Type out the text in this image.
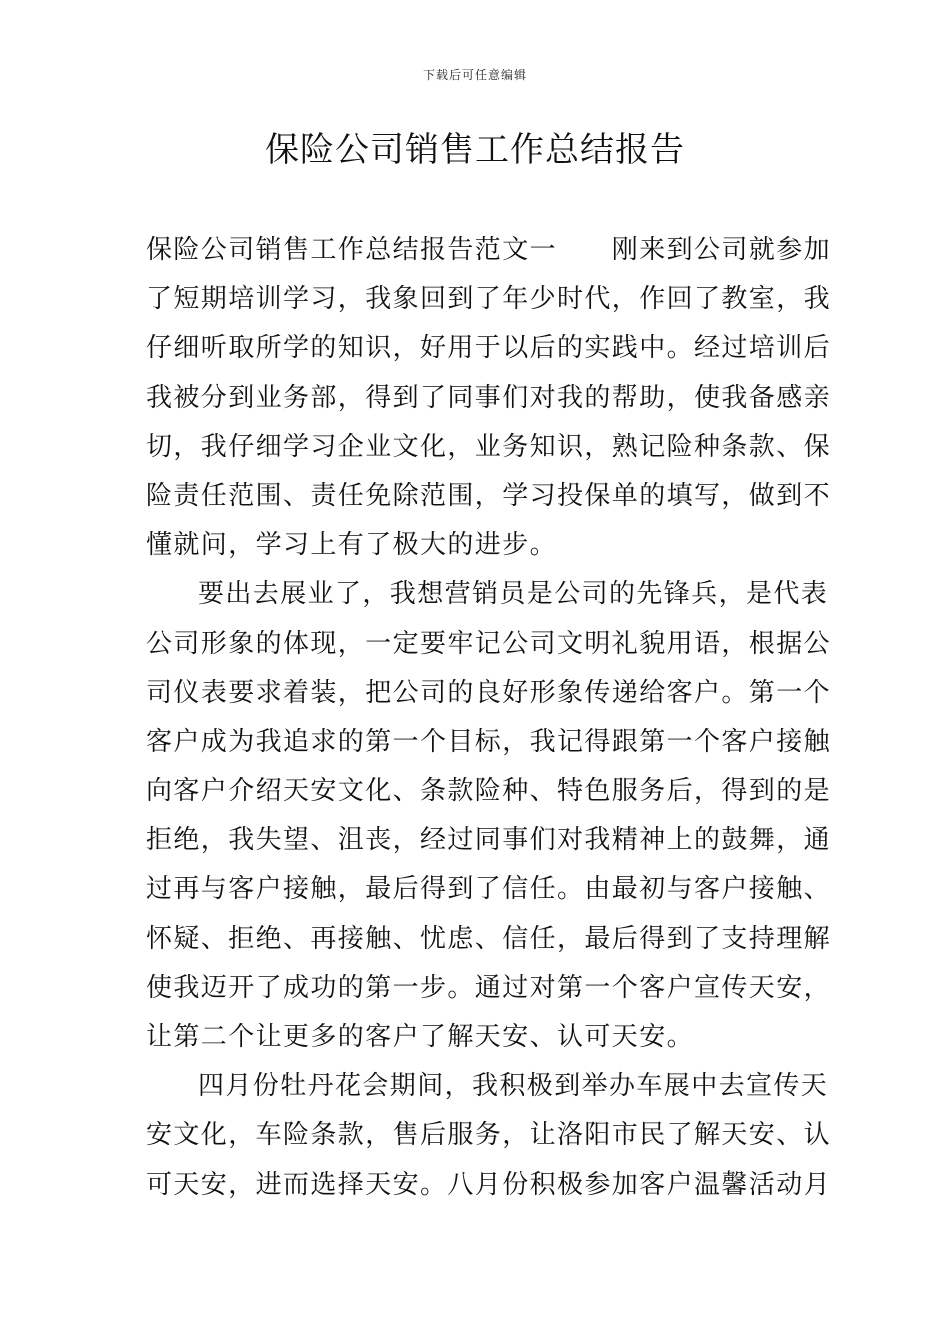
下载后可任意编辑
保险公司销售工作总结报告
保险公司销售工作总结报告范文一　　刚来到公司就参加
了短期培训学习，我象回到了年少时代，作回了教室，我
仔细听取所学的知识，好用于以后的实践中。经过培训后
我被分到业务部，得到了同事们对我的帮助，使我备感亲
切，我仔细学习企业文化，业务知识，熟记险种条款、保
险责任范围、责任免除范围，学习投保单的填写，做到不
懂就问，学习上有了极大的进步。
要出去展业了，我想营销员是公司的先锋兵，是代表
公司形象的体现，一定要牢记公司文明礼貌用语，根据公
司仪表要求着装，把公司的良好形象传递给客户。第一个
客户成为我追求的第一个目标，我记得跟第一个客户接触
向客户介绍天安文化、条款险种、特色服务后，得到的是
拒绝，我失望、沮丧，经过同事们对我精神上的鼓舞，通
过再与客户接触，最后得到了信任。由最初与客户接触、
怀疑、拒绝、再接触、忧虑、信任，最后得到了支持理解
使我迈开了成功的第一步。通过对第一个客户宣传天安，
让第二个让更多的客户了解天安、认可天安。
四月份牡丹花会期间，我积极到举办车展中去宣传天
安文化，车险条款，售后服务，让洛阳市民了解天安、认
可天安，进而选择天安。八月份积极参加客户温馨活动月
